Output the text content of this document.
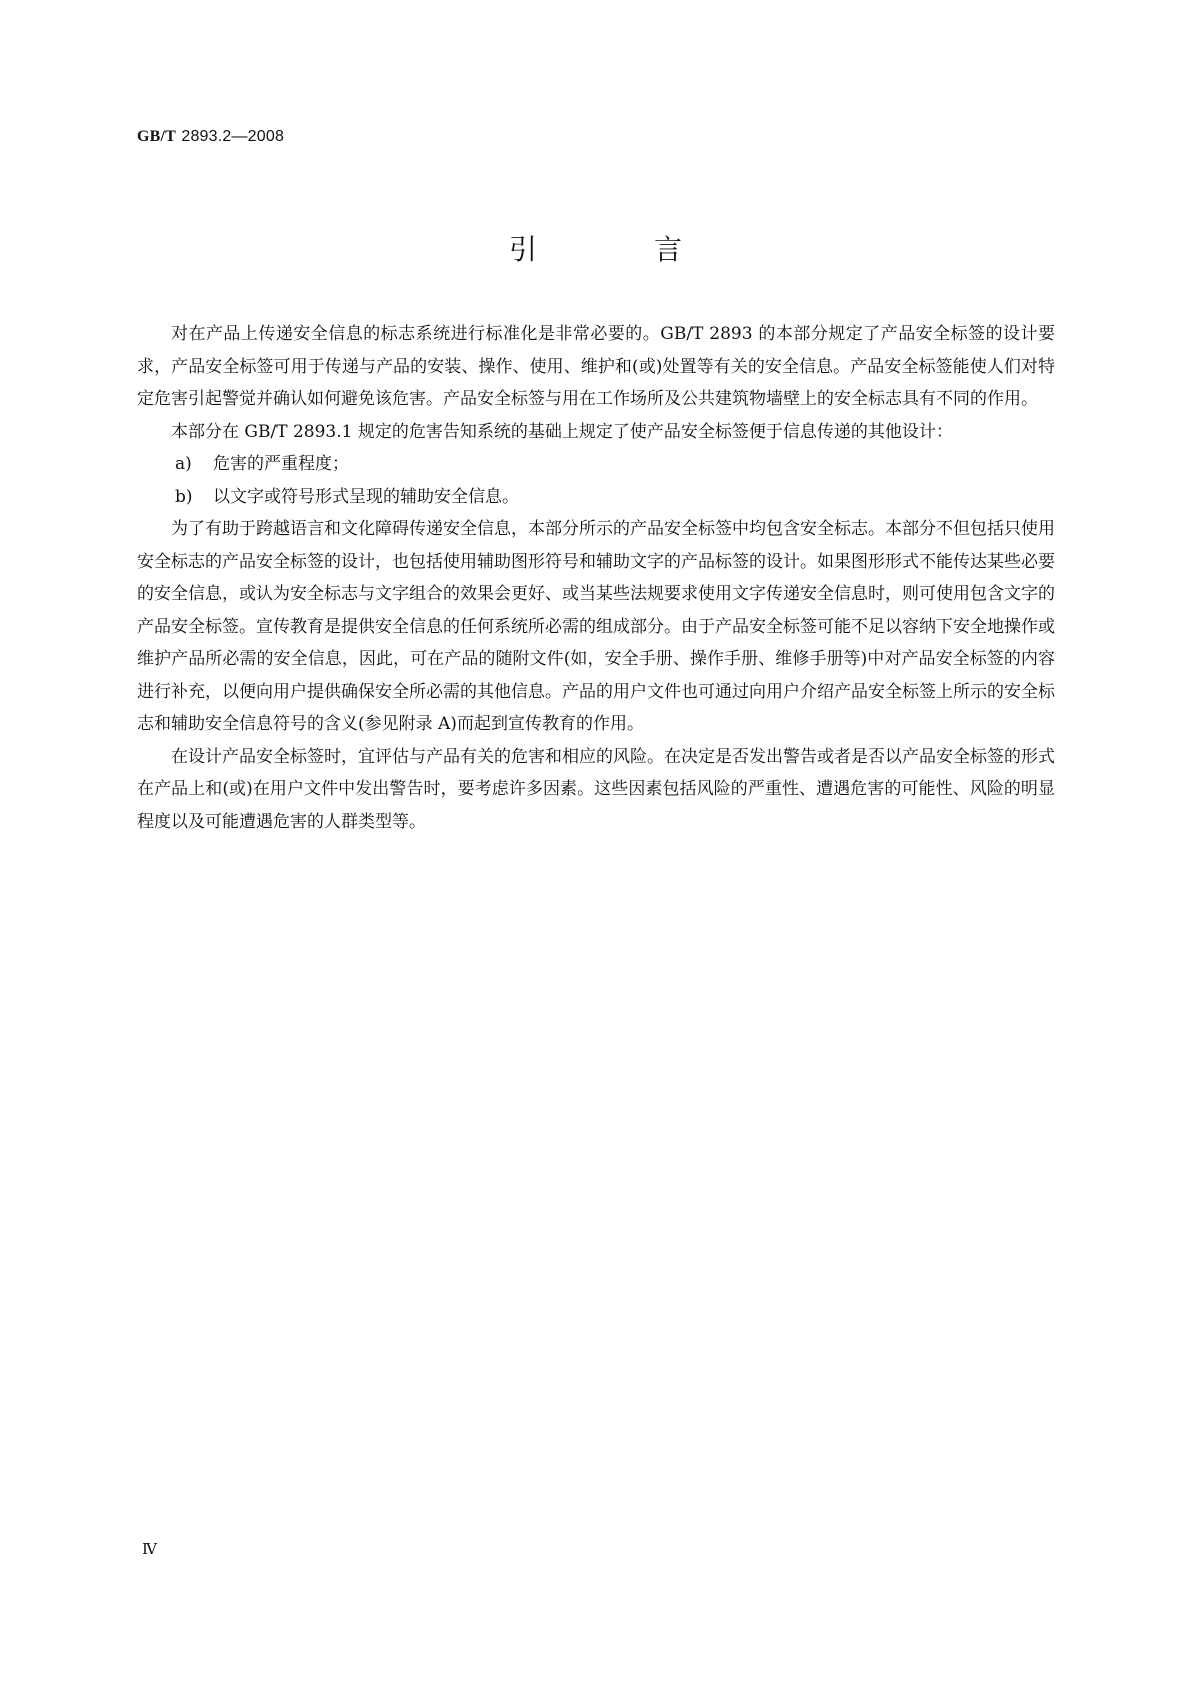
GB/T 2893.2—2008
引 言

对在产品上传递安全信息的标志系统进行标准化是非常必要的。GB/T 2893 的本部分规定了产品安全标签的设计要求，产品安全标签可用于传递与产品的安装、操作、使用、维护和(或)处置等有关的安全信息。产品安全标签能使人们对特定危害引起警觉并确认如何避免该危害。产品安全标签与用在工作场所及公共建筑物墙壁上的安全标志具有不同的作用。

本部分在 GB/T 2893.1 规定的危害告知系统的基础上规定了使产品安全标签便于信息传递的其他设计：

a) 危害的严重程度；
b) 以文字或符号形式呈现的辅助安全信息。

为了有助于跨越语言和文化障碍传递安全信息，本部分所示的产品安全标签中均包含安全标志。本部分不但包括只使用安全标志的产品安全标签的设计，也包括使用辅助图形符号和辅助文字的产品标签的设计。如果图形形式不能传达某些必要的安全信息，或认为安全标志与文字组合的效果会更好、或当某些法规要求使用文字传递安全信息时，则可使用包含文字的产品安全标签。宣传教育是提供安全信息的任何系统所必需的组成部分。由于产品安全标签可能不足以容纳下安全地操作或维护产品所必需的安全信息，因此，可在产品的随附文件(如，安全手册、操作手册、维修手册等)中对产品安全标签的内容进行补充，以便向用户提供确保安全所必需的其他信息。产品的用户文件也可通过向用户介绍产品安全标签上所示的安全标志和辅助安全信息符号的含义(参见附录 A)而起到宣传教育的作用。

在设计产品安全标签时，宜评估与产品有关的危害和相应的风险。在决定是否发出警告或者是否以产品安全标签的形式在产品上和(或)在用户文件中发出警告时，要考虑许多因素。这些因素包括风险的严重性、遭遇危害的可能性、风险的明显程度以及可能遭遇危害的人群类型等。

Ⅳ
